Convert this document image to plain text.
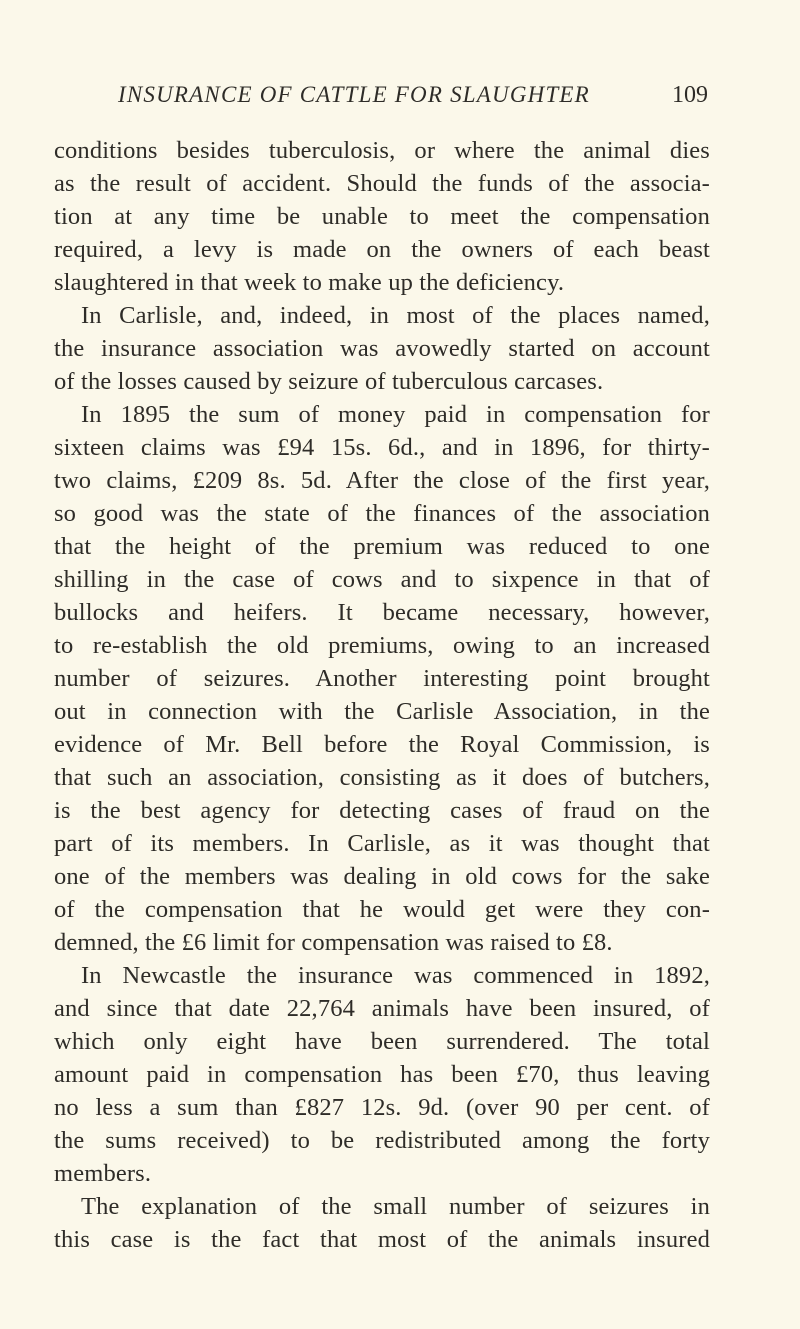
INSURANCE OF CATTLE FOR SLAUGHTER	109
conditions besides tuberculosis, or where the animal dies
as the result of accident. Should the funds of the associa-
tion at any time be unable to meet the compensation
required, a levy is made on the owners of each beast
slaughtered in that week to make up the deficiency.
In Carlisle, and, indeed, in most of the places named,
the insurance association was avowedly started on account
of the losses caused by seizure of tuberculous carcases.
In 1895 the sum of money paid in compensation for
sixteen claims was £94 15s. 6d., and in 1896, for thirty-
two claims, £209 8s. 5d. After the close of the first year,
so good was the state of the finances of the association
that the height of the premium was reduced to one
shilling in the case of cows and to sixpence in that of
bullocks and heifers. It became necessary, however,
to re-establish the old premiums, owing to an increased
number of seizures. Another interesting point brought
out in connection with the Carlisle Association, in the
evidence of Mr. Bell before the Royal Commission, is
that such an association, consisting as it does of butchers,
is the best agency for detecting cases of fraud on the
part of its members. In Carlisle, as it was thought that
one of the members was dealing in old cows for the sake
of the compensation that he would get were they con-
demned, the £6 limit for compensation was raised to £8.
In Newcastle the insurance was commenced in 1892,
and since that date 22,764 animals have been insured, of
which only eight have been surrendered. The total
amount paid in compensation has been £70, thus leaving
no less a sum than £827 12s. 9d. (over 90 per cent. of
the sums received) to be redistributed among the forty
members.
The explanation of the small number of seizures in
this case is the fact that most of the animals insured
